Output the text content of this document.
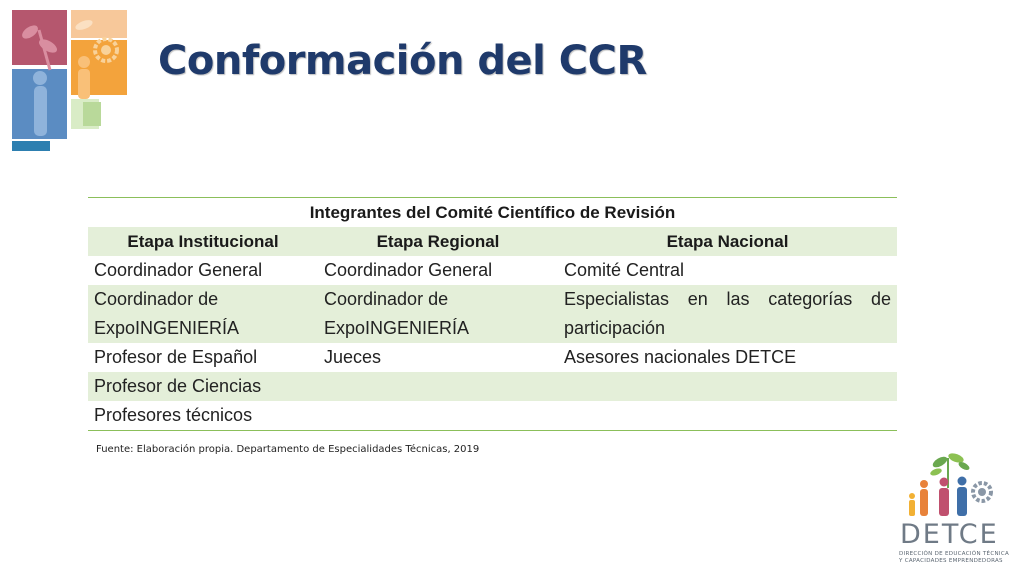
Conformación del CCR
Integrantes del Comité Científico de Revisión		
Etapa Institucional	Etapa Regional	Etapa Nacional
Coordinador General	Coordinador General	Comité Central
Coordinador de ExpoINGENIERÍA	Coordinador de ExpoINGENIERÍA	Especialistas en las categorías de participación
Profesor de Español	Jueces	Asesores nacionales DETCE
Profesor de Ciencias		
Profesores técnicos		
Fuente: Elaboración propia. Departamento de Especialidades Técnicas, 2019
DETCE
DIRECCIÓN DE EDUCACIÓN TÉCNICA
Y CAPACIDADES EMPRENDEDORAS
